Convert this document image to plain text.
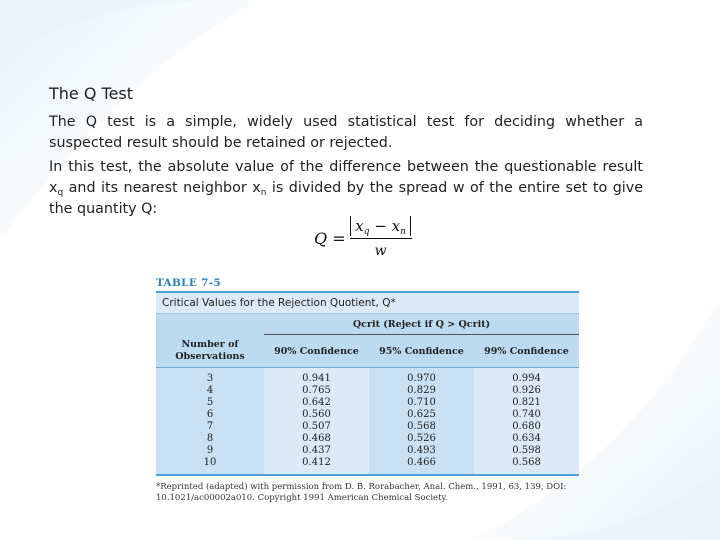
The Q Test

The Q test is a simple, widely used statistical test for deciding whether a suspected result should be retained or rejected.

In this test, the absolute value of the difference between the questionable result $x_q$ and its nearest neighbor $x_n$ is divided by the spread w of the entire set to give the quantity Q:

$Q = \frac{x_q - x_n}{w}$
TABLE 7-5
Critical Values for the Rejection Quotient, Q*
	Qcrit (Reject if Q > Qcrit)		
Number of Observations	90% Confidence	95% Confidence	99% Confidence

3	0.941	0.970	0.994
4	0.765	0.829	0.926
5	0.642	0.710	0.821
6	0.560	0.625	0.740
7	0.507	0.568	0.680
8	0.468	0.526	0.634
9	0.437	0.493	0.598
10	0.412	0.466	0.568

*Reprinted (adapted) with permission from D. B. Rorabacher, Anal. Chem., 1991, 63, 139, DOI: 10.1021/ac00002a010. Copyright 1991 American Chemical Society.
